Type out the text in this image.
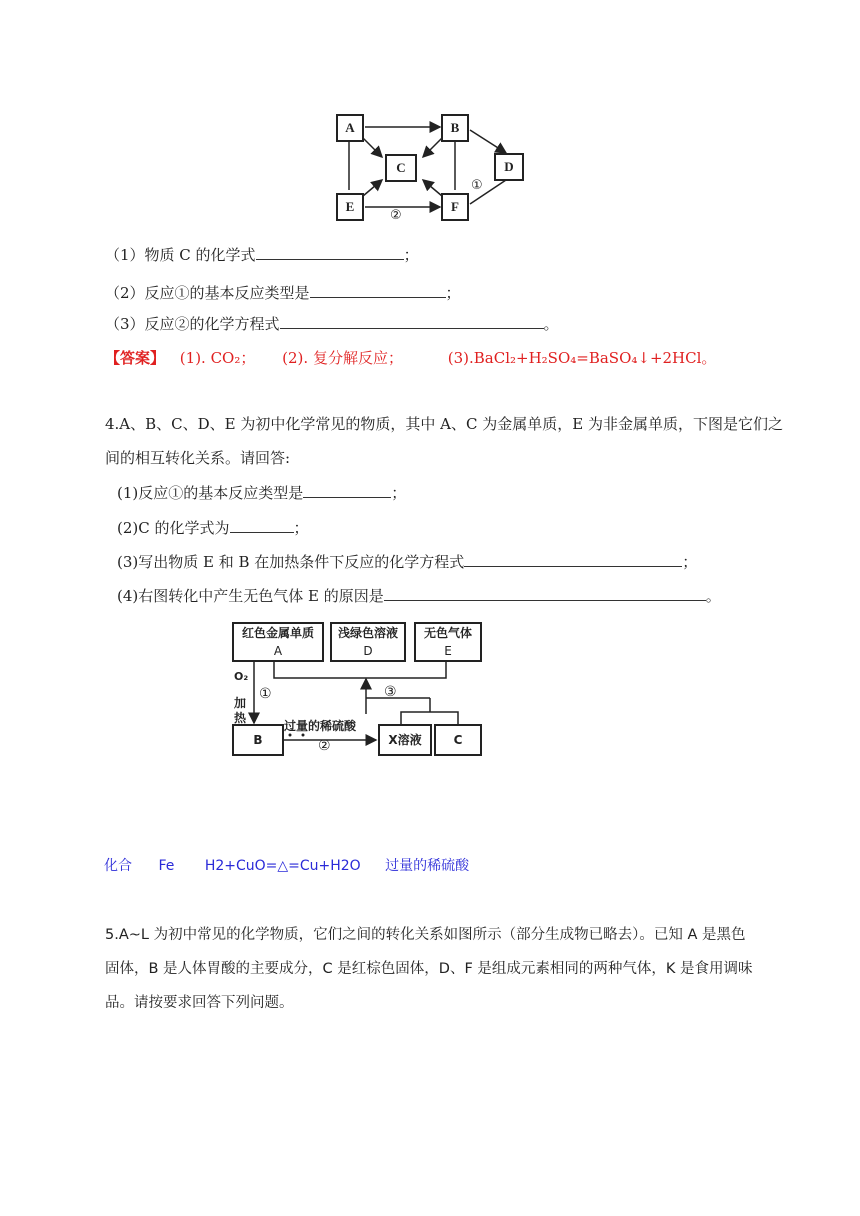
A	B
C	D
E	F
①
②
（1）物质 C 的化学式	；
（2）反应①的基本反应类型是	；
（3）反应②的化学方程式	。
【答案】 (1). CO₂； (2). 复分解反应；	(3).BaCl₂+H₂SO₄=BaSO₄↓+2HCl。
4.A、B、C、D、E 为初中化学常见的物质，其中 A、C 为金属单质，E 为非金属单质，下图是它们之
间的相互转化关系。请回答:
(1)反应①的基本反应类型是	；
(2)C 的化学式为	；
(3)写出物质 E 和 B 在加热条件下反应的化学方程式	；
(4)右图转化中产生无色气体 E 的原因是	。
红色金属单质
A
浅绿色溶液
D
无色气体
E
B	X溶液	C
O₂
加
热
①
过量的稀硫酸
②
③
化合 Fe H2+CuO=△=Cu+H2O 过量的稀硫酸
5.A~L 为初中常见的化学物质，它们之间的转化关系如图所示（部分生成物已略去）。已知 A 是黑色
固体，B 是人体胃酸的主要成分，C 是红棕色固体，D、F 是组成元素相同的两种气体，K 是食用调味
品。请按要求回答下列问题。
